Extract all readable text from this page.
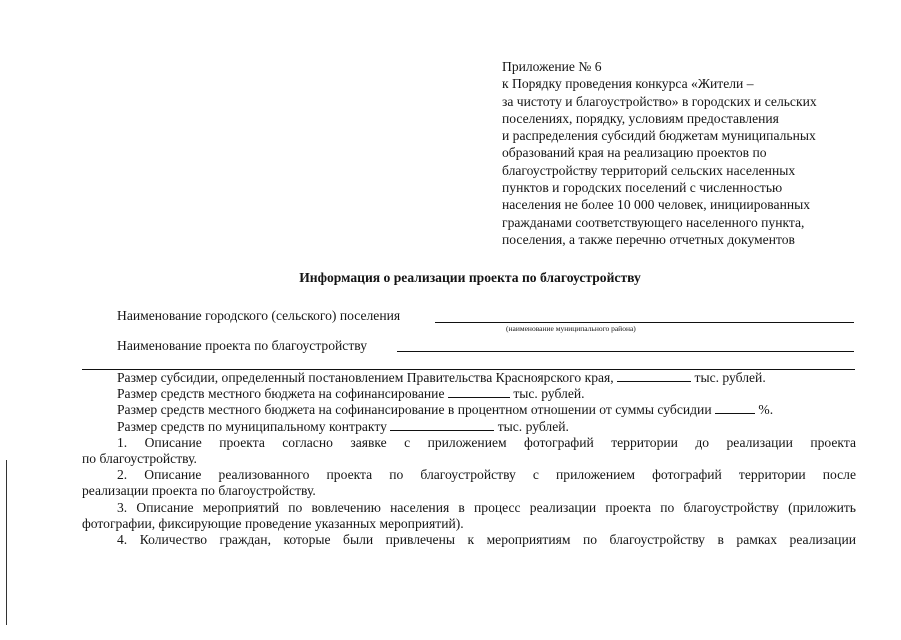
Приложение № 6
к Порядку проведения конкурса «Жители –
за чистоту и благоустройство» в городских и сельских
поселениях, порядку, условиям предоставления
и распределения субсидий бюджетам муниципальных
образований края на реализацию проектов по
благоустройству территорий сельских населенных
пунктов и городских поселений с численностью
населения не более 10 000 человек, инициированных
гражданами соответствующего населенного пункта,
поселения, а также перечню отчетных документов
Информация о реализации проекта по благоустройству
Наименование городского (сельского) поселения
(наименование муниципального района)
Наименование проекта по благоустройству
Размер субсидии, определенный постановлением Правительства Красноярского края,	тыс. рублей.
Размер средств местного бюджета на софинансирование	тыс. рублей.
Размер средств местного бюджета на софинансирование в процентном отношении от суммы субсидии	%.
Размер средств по муниципальному контракту	тыс. рублей.
1. Описание проекта согласно заявке с приложением фотографий территории до реализации проекта
по благоустройству.
2. Описание реализованного проекта по благоустройству с приложением фотографий территории после
реализации проекта по благоустройству.
3. Описание мероприятий по вовлечению населения в процесс реализации проекта по благоустройству (приложить
фотографии, фиксирующие проведение указанных мероприятий).
4. Количество граждан, которые были привлечены к мероприятиям по благоустройству в рамках реализации
